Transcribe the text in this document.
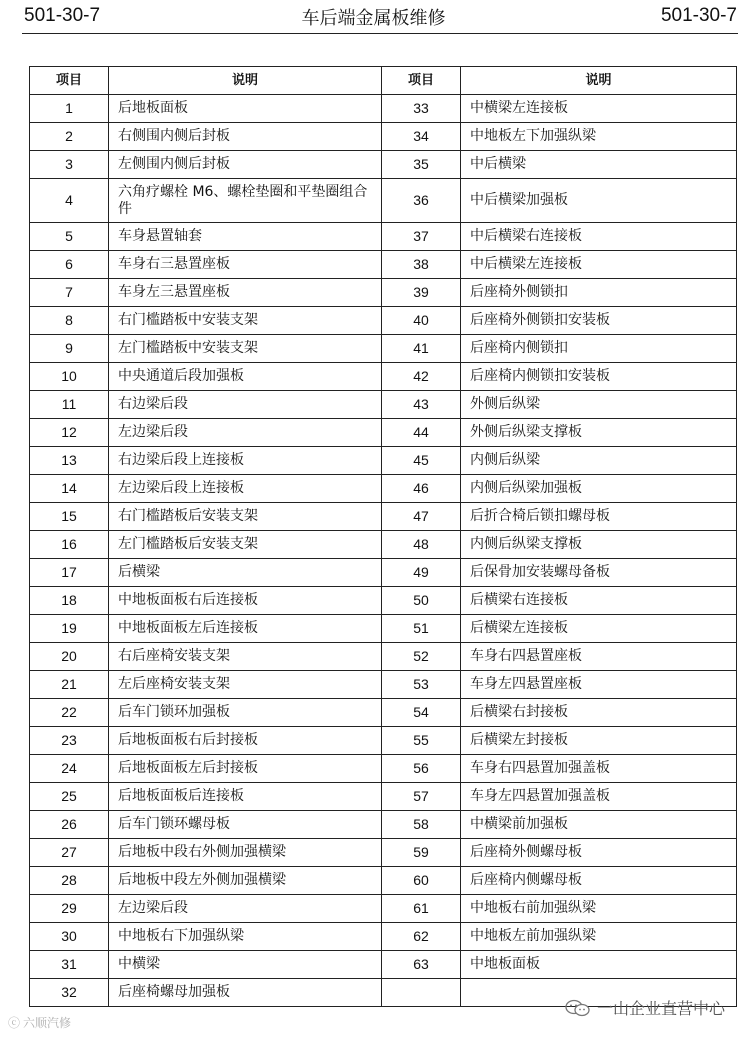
501-30-7	车后端金属板维修	501-30-7
项目	说明	项目	说明
1	后地板面板	33	中横梁左连接板
2	右侧围内侧后封板	34	中地板左下加强纵梁
3	左侧围内侧后封板	35	中后横梁
4	六角疗螺栓 M6、螺栓垫圈和平垫圈组合件	36	中后横梁加强板
5	车身悬置轴套	37	中后横梁右连接板
6	车身右三悬置座板	38	中后横梁左连接板
7	车身左三悬置座板	39	后座椅外侧锁扣
8	右门槛踏板中安装支架	40	后座椅外侧锁扣安装板
9	左门槛踏板中安装支架	41	后座椅内侧锁扣
10	中央通道后段加强板	42	后座椅内侧锁扣安装板
11	右边梁后段	43	外侧后纵梁
12	左边梁后段	44	外侧后纵梁支撑板
13	右边梁后段上连接板	45	内侧后纵梁
14	左边梁后段上连接板	46	内侧后纵梁加强板
15	右门槛踏板后安装支架	47	后折合椅后锁扣螺母板
16	左门槛踏板后安装支架	48	内侧后纵梁支撑板
17	后横梁	49	后保骨加安装螺母备板
18	中地板面板右后连接板	50	后横梁右连接板
19	中地板面板左后连接板	51	后横梁左连接板
20	右后座椅安装支架	52	车身右四悬置座板
21	左后座椅安装支架	53	车身左四悬置座板
22	后车门锁环加强板	54	后横梁右封接板
23	后地板面板右后封接板	55	后横梁左封接板
24	后地板面板左后封接板	56	车身右四悬置加强盖板
25	后地板面板后连接板	57	车身左四悬置加强盖板
26	后车门锁环螺母板	58	中横梁前加强板
27	后地板中段右外侧加强横梁	59	后座椅外侧螺母板
28	后地板中段左外侧加强横梁	60	后座椅内侧螺母板
29	左边梁后段	61	中地板右前加强纵梁
30	中地板右下加强纵梁	62	中地板左前加强纵梁
31	中横梁	63	中地板面板
32	后座椅螺母加强板		
ⓒ 六顺汽修
一山企业直营中心
